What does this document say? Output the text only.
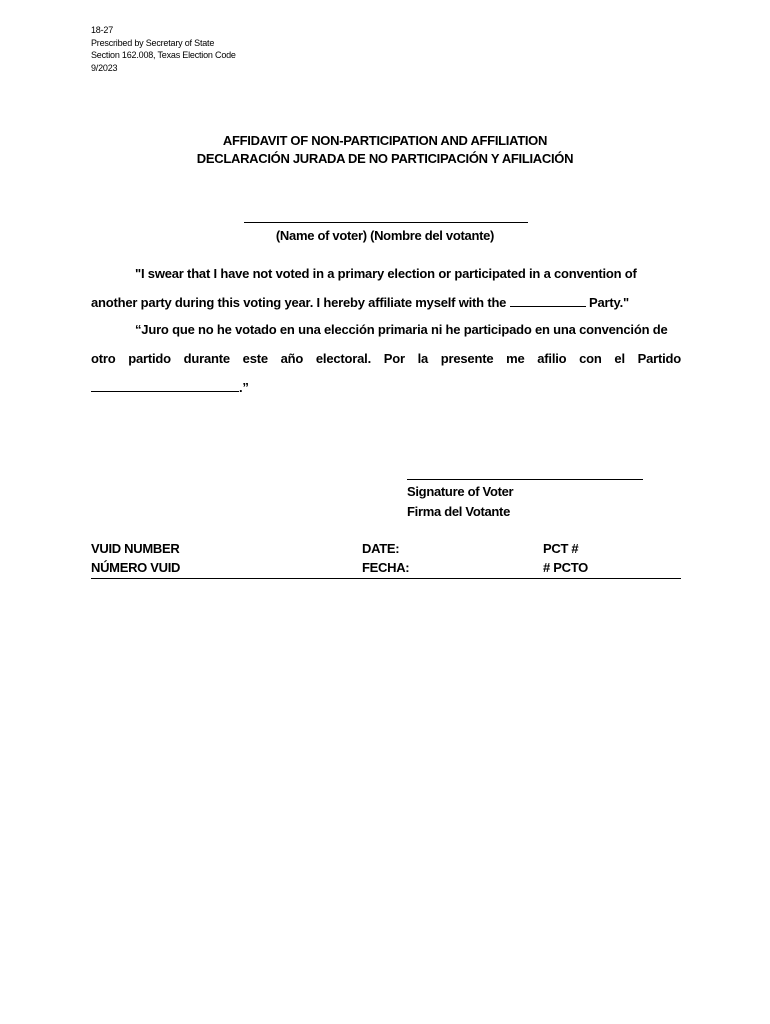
18-27
Prescribed by Secretary of State
Section 162.008, Texas Election Code
9/2023
AFFIDAVIT OF NON-PARTICIPATION AND AFFILIATION
DECLARACIÓN JURADA DE NO PARTICIPACIÓN Y AFILIACIÓN
(Name of voter) (Nombre del votante)
"I swear that I have not voted in a primary election or participated in a convention of
another party during this voting year. I hereby affiliate myself with the	Party."
“Juro que no he votado en una elección primaria ni he participado en una convención de
otro partido durante este año electoral. Por la presente me afilio con el Partido
.”
Signature of Voter
Firma del Votante
VUID NUMBER
NÚMERO VUID
DATE:
FECHA:
PCT #
# PCTO
